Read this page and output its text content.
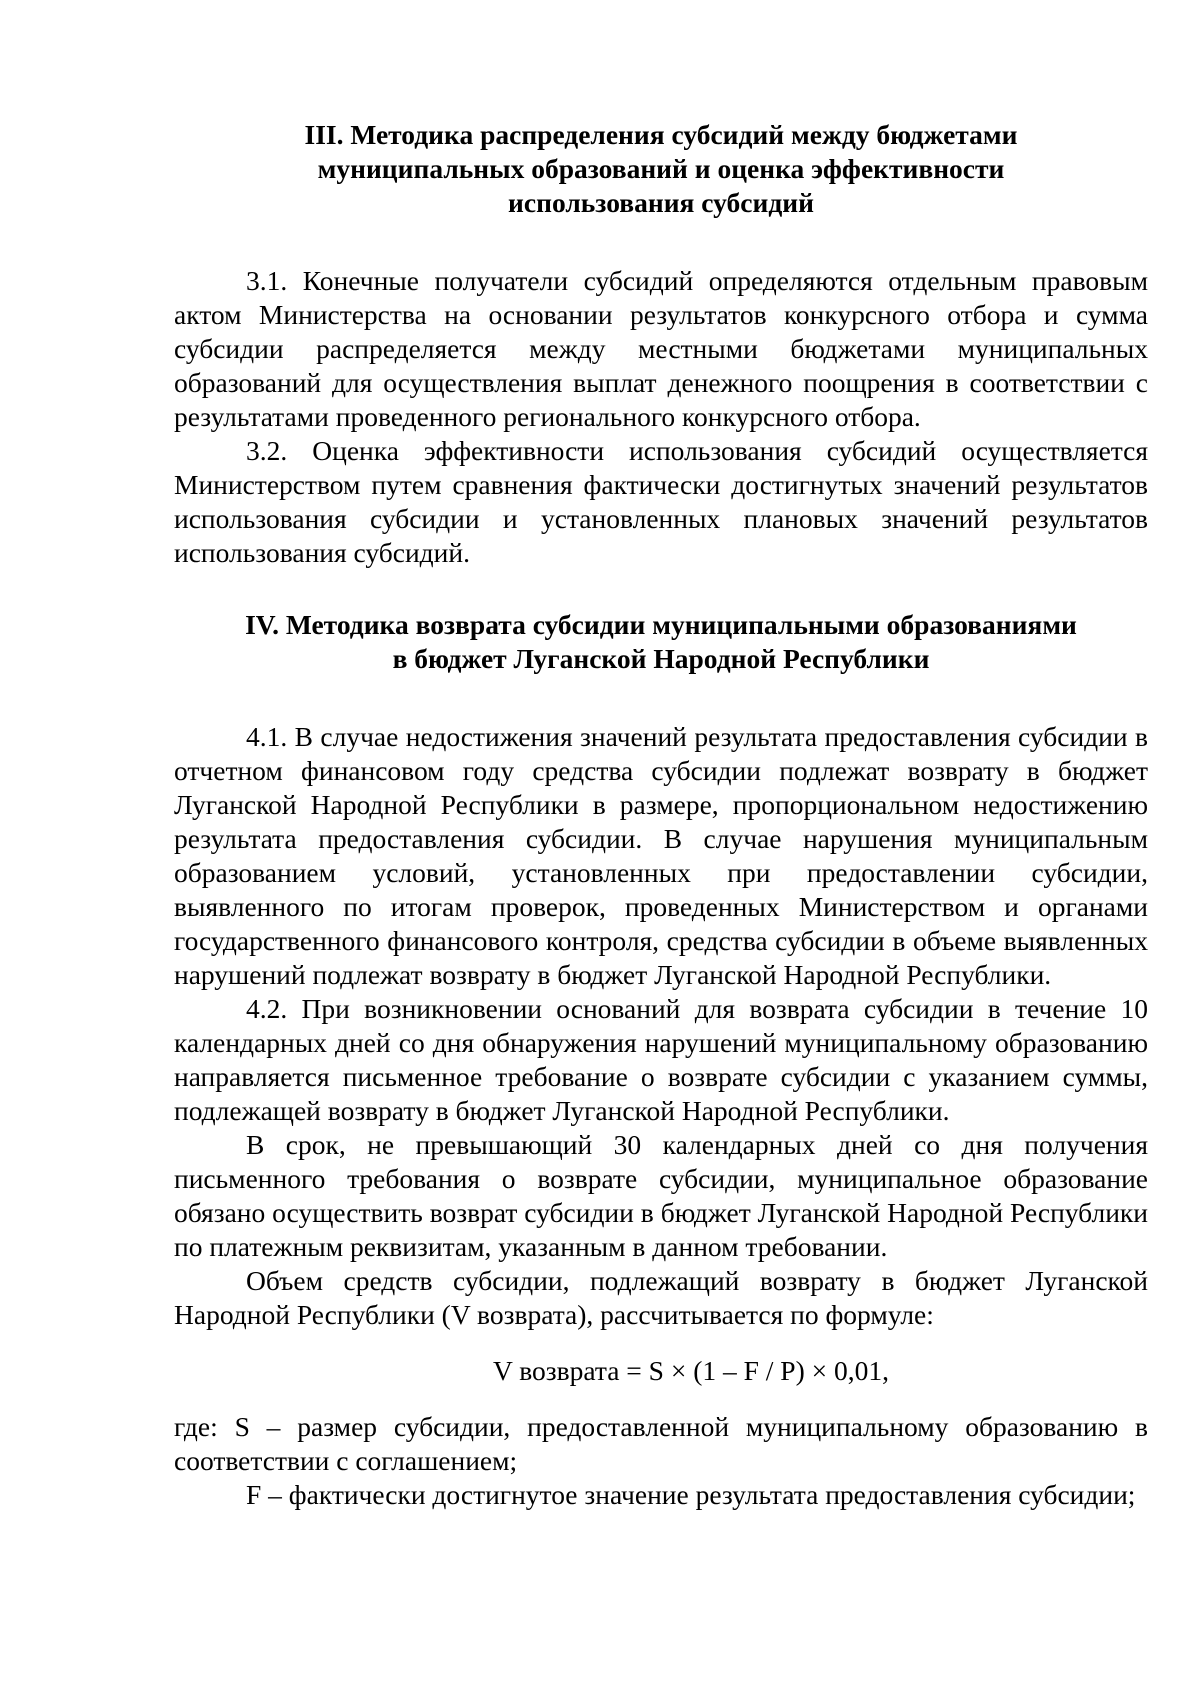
III. Методика распределения субсидий между бюджетами
муниципальных образований и оценка эффективности
использования субсидий

3.1. Конечные получатели субсидий определяются отдельным правовым актом Министерства на основании результатов конкурсного отбора и сумма субсидии распределяется между местными бюджетами муниципальных образований для осуществления выплат денежного поощрения в соответствии с результатами проведенного регионального конкурсного отбора.

3.2. Оценка эффективности использования субсидий осуществляется Министерством путем сравнения фактически достигнутых значений результатов использования субсидии и установленных плановых значений результатов использования субсидий.

IV. Методика возврата субсидии муниципальными образованиями
в бюджет Луганской Народной Республики

4.1. В случае недостижения значений результата предоставления субсидии в отчетном финансовом году средства субсидии подлежат возврату в бюджет Луганской Народной Республики в размере, пропорциональном недостижению результата предоставления субсидии. В случае нарушения муниципальным образованием условий, установленных при предоставлении субсидии, выявленного по итогам проверок, проведенных Министерством и органами государственного финансового контроля, средства субсидии в объеме выявленных нарушений подлежат возврату в бюджет Луганской Народной Республики.

4.2. При возникновении оснований для возврата субсидии в течение 10 календарных дней со дня обнаружения нарушений муниципальному образованию направляется письменное требование о возврате субсидии с указанием суммы, подлежащей возврату в бюджет Луганской Народной Республики.

В срок, не превышающий 30 календарных дней со дня получения письменного требования о возврате субсидии, муниципальное образование обязано осуществить возврат субсидии в бюджет Луганской Народной Республики по платежным реквизитам, указанным в данном требовании.

Объем средств субсидии, подлежащий возврату в бюджет Луганской Народной Республики (V возврата), рассчитывается по формуле:

V возврата = S × (1 – F / P) × 0,01,

где: S – размер субсидии, предоставленной муниципальному образованию в соответствии с соглашением;

F – фактически достигнутое значение результата предоставления субсидии;
